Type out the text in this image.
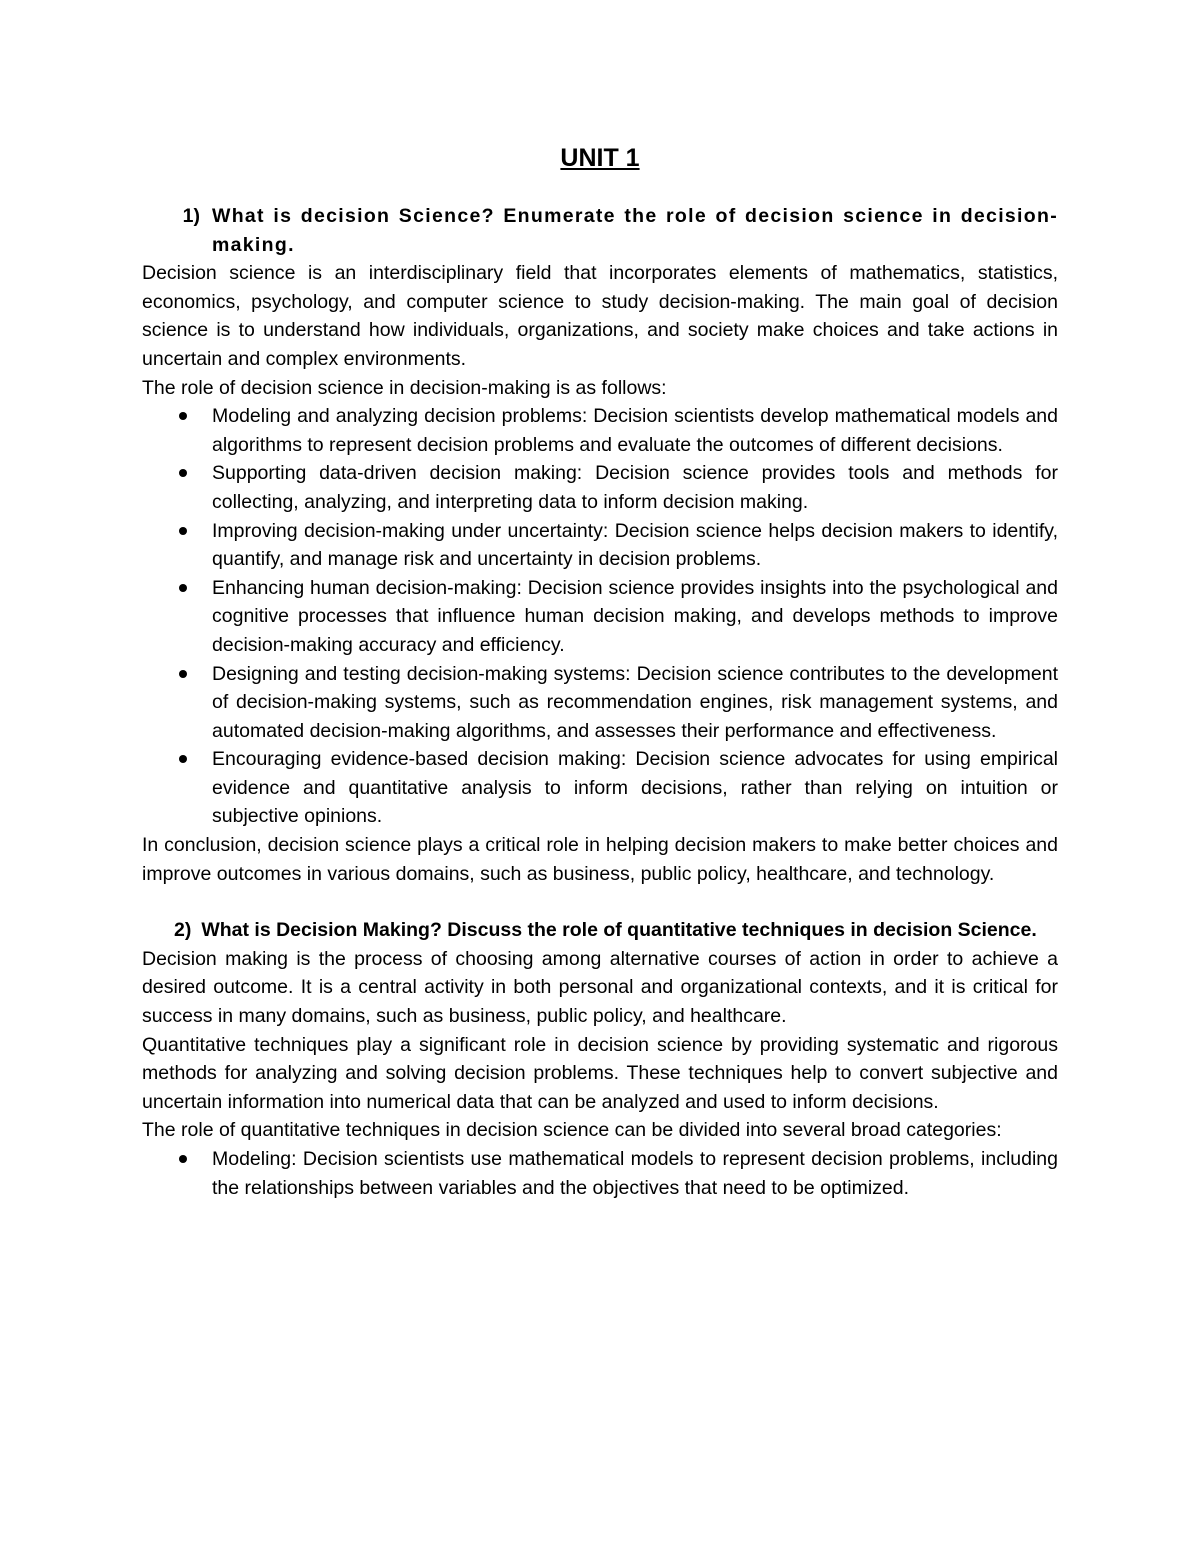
UNIT 1
1) What is decision Science? Enumerate the role of decision science in decision-making.

Decision science is an interdisciplinary field that incorporates elements of mathematics, statistics, economics, psychology, and computer science to study decision-making. The main goal of decision science is to understand how individuals, organizations, and society make choices and take actions in uncertain and complex environments.

The role of decision science in decision-making is as follows:

Modeling and analyzing decision problems: Decision scientists develop mathematical models and algorithms to represent decision problems and evaluate the outcomes of different decisions.
Supporting data-driven decision making: Decision science provides tools and methods for collecting, analyzing, and interpreting data to inform decision making.
Improving decision-making under uncertainty: Decision science helps decision makers to identify, quantify, and manage risk and uncertainty in decision problems.
Enhancing human decision-making: Decision science provides insights into the psychological and cognitive processes that influence human decision making, and develops methods to improve decision-making accuracy and efficiency.
Designing and testing decision-making systems: Decision science contributes to the development of decision-making systems, such as recommendation engines, risk management systems, and automated decision-making algorithms, and assesses their performance and effectiveness.
Encouraging evidence-based decision making: Decision science advocates for using empirical evidence and quantitative analysis to inform decisions, rather than relying on intuition or subjective opinions.

In conclusion, decision science plays a critical role in helping decision makers to make better choices and improve outcomes in various domains, such as business, public policy, healthcare, and technology.

2) What is Decision Making? Discuss the role of quantitative techniques in decision Science.

Decision making is the process of choosing among alternative courses of action in order to achieve a desired outcome. It is a central activity in both personal and organizational contexts, and it is critical for success in many domains, such as business, public policy, and healthcare.

Quantitative techniques play a significant role in decision science by providing systematic and rigorous methods for analyzing and solving decision problems. These techniques help to convert subjective and uncertain information into numerical data that can be analyzed and used to inform decisions.

The role of quantitative techniques in decision science can be divided into several broad categories:

Modeling: Decision scientists use mathematical models to represent decision problems, including the relationships between variables and the objectives that need to be optimized.
